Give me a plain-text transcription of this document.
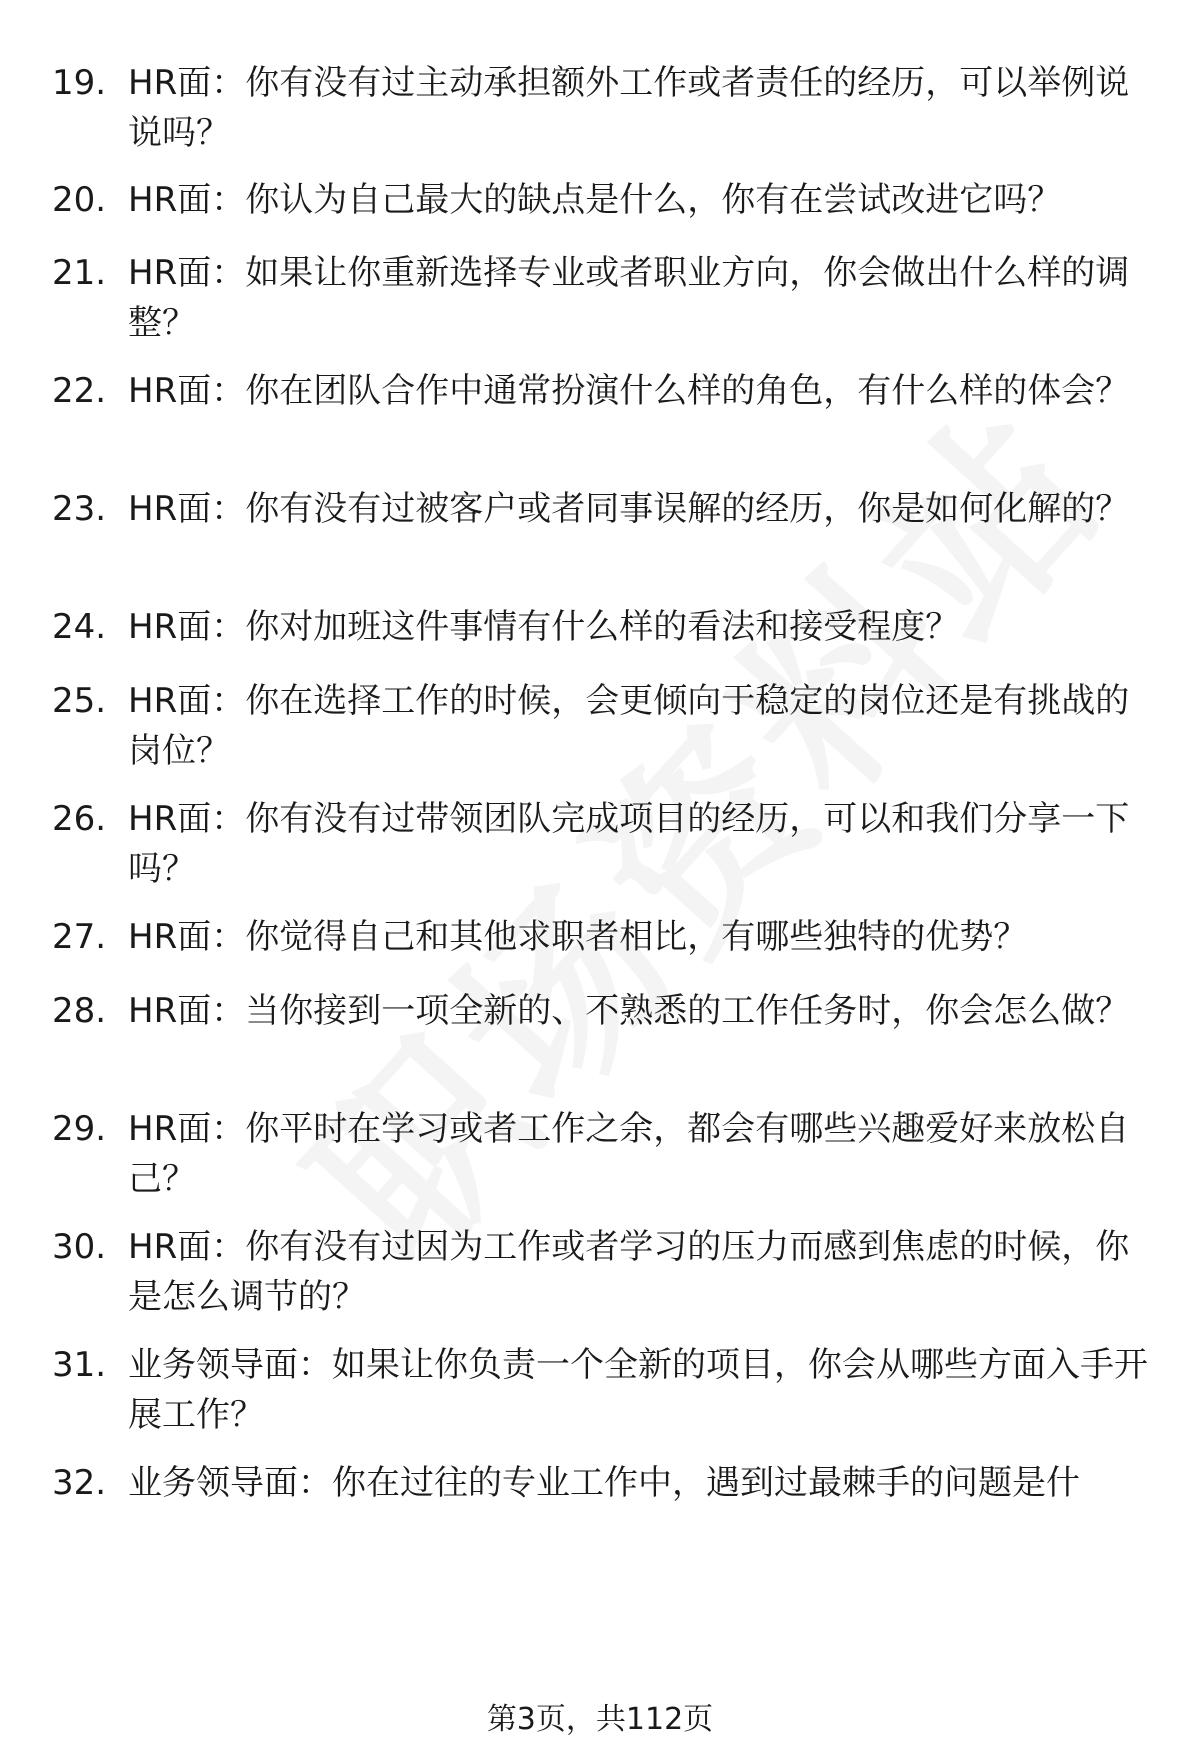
19. HR面：你有没有过主动承担额外工作或者责任的经历，可以举例说说吗？
20. HR面：你认为自己最大的缺点是什么，你有在尝试改进它吗？
21. HR面：如果让你重新选择专业或者职业方向，你会做出什么样的调整？
22. HR面：你在团队合作中通常扮演什么样的角色，有什么样的体会？
23. HR面：你有没有过被客户或者同事误解的经历，你是如何化解的？
24. HR面：你对加班这件事情有什么样的看法和接受程度？
25. HR面：你在选择工作的时候，会更倾向于稳定的岗位还是有挑战的岗位？
26. HR面：你有没有过带领团队完成项目的经历，可以和我们分享一下吗？
27. HR面：你觉得自己和其他求职者相比，有哪些独特的优势？
28. HR面：当你接到一项全新的、不熟悉的工作任务时，你会怎么做？
29. HR面：你平时在学习或者工作之余，都会有哪些兴趣爱好来放松自己？
30. HR面：你有没有过因为工作或者学习的压力而感到焦虑的时候，你是怎么调节的？
31. 业务领导面：如果让你负责一个全新的项目，你会从哪些方面入手开展工作？
32. 业务领导面：你在过往的专业工作中，遇到过最棘手的问题是什
第3页，共112页
